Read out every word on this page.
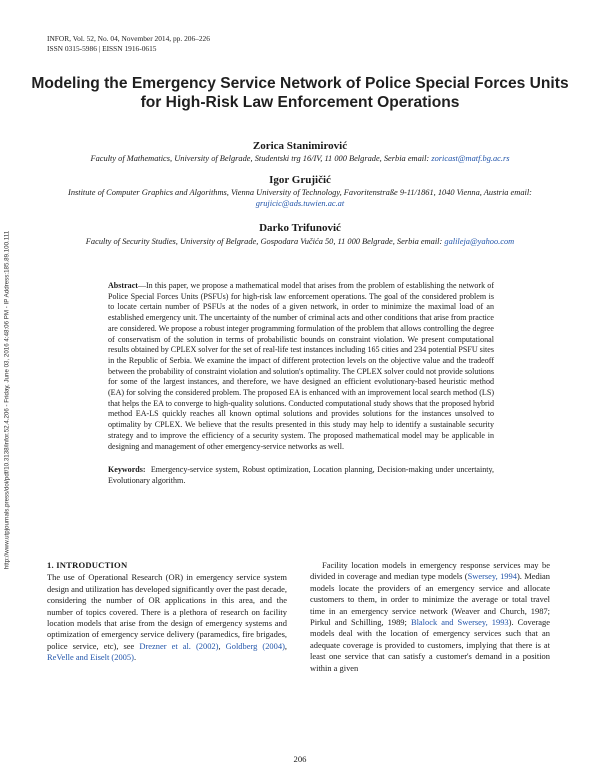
INFOR, Vol. 52, No. 04, November 2014, pp. 206–226
ISSN 0315-5986 | EISSN 1916-0615
Modeling the Emergency Service Network of Police Special Forces Units for High-Risk Law Enforcement Operations
Zorica Stanimirović
Faculty of Mathematics, University of Belgrade, Studentski trg 16/IV, 11 000 Belgrade, Serbia email: zoricast@matf.bg.ac.rs
Igor Grujičić
Institute of Computer Graphics and Algorithms, Vienna University of Technology, Favoritenstraße 9-11/1861, 1040 Vienna, Austria email: grujicic@ads.tuwien.ac.at
Darko Trifunović
Faculty of Security Studies, University of Belgrade, Gospodara Vučića 50, 11 000 Belgrade, Serbia email: galileja@yahoo.com
Abstract—In this paper, we propose a mathematical model that arises from the problem of establishing the network of Police Special Forces Units (PSFUs) for high-risk law enforcement operations. The goal of the considered problem is to locate certain number of PSFUs at the nodes of a given network, in order to minimize the maximal load of an established emergency unit. The uncertainty of the number of criminal acts and other conditions that arise from practice are considered. We propose a robust integer programming formulation of the problem that allows controlling the degree of conservatism of the solution in terms of probabilistic bounds on constraint violation. We present computational results obtained by CPLEX solver for the set of real-life test instances including 165 cities and 234 potential PSFU sites in the Republic of Serbia. We examine the impact of different protection levels on the objective value and the tradeoff between the probability of constraint violation and solution's optimality. The CPLEX solver could not provide solutions for some of the largest instances, and therefore, we have designed an efficient evolutionary-based heuristic method (EA) for solving the considered problem. The proposed EA is enhanced with an improvement local search method (LS) that helps the EA to converge to high-quality solutions. Conducted computational study shows that the proposed hybrid method EA-LS quickly reaches all known optimal solutions and provides solutions for the instances unsolved to optimality by CPLEX. We believe that the results presented in this study may help to identify a sustainable security strategy and to improve the efficiency of a security system. The proposed mathematical model may be applicable in designing and management of other emergency-service networks as well.
Keywords: Emergency-service system, Robust optimization, Location planning, Decision-making under uncertainty, Evolutionary algorithm.
1. INTRODUCTION

The use of Operational Research (OR) in emergency service system design and utilization has developed significantly over the past decade, considering the number of OR applications in this area, and the number of topics covered. There is a plethora of research on facility location models that arise from the design of emergency systems and optimization of emergency service delivery (paramedics, fire brigades, police service, etc), see Drezner et al. (2002), Goldberg (2004), ReVelle and Eiselt (2005).

Facility location models in emergency response services may be divided in coverage and median type models (Swersey, 1994). Median models locate the providers of an emergency service and allocate customers to them, in order to minimize the average or total travel time in an emergency service network (Weaver and Church, 1987; Pirkul and Schilling, 1989; Blalock and Swersey, 1993). Coverage models deal with the location of emergency services such that an adequate coverage is provided to customers, implying that there is at least one service that can satisfy a customer's demand in a position within a given

206
http://www.utpjournals.press/doi/pdf/10.3138/infor.52.4.206 - Friday, June 03, 2016 4:48:06 PM - IP Address:185.89.100.111
